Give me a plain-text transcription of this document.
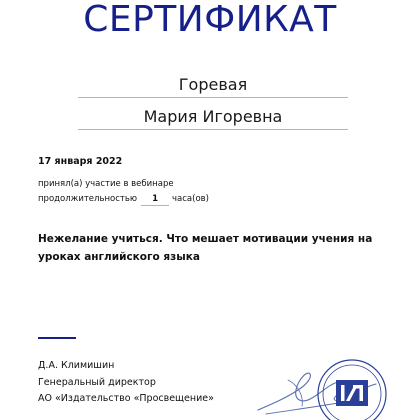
СЕРТИФИКАТ
Горевая
Мария Игоревна
17 января 2022
принял(а) участие в вебинаре
продолжительностью	1	часа(ов)
Нежелание учиться. Что мешает мотивации учения на уроках английского языка
Д.А. Климишин
Генеральный директор
АО «Издательство «Просвещение»
